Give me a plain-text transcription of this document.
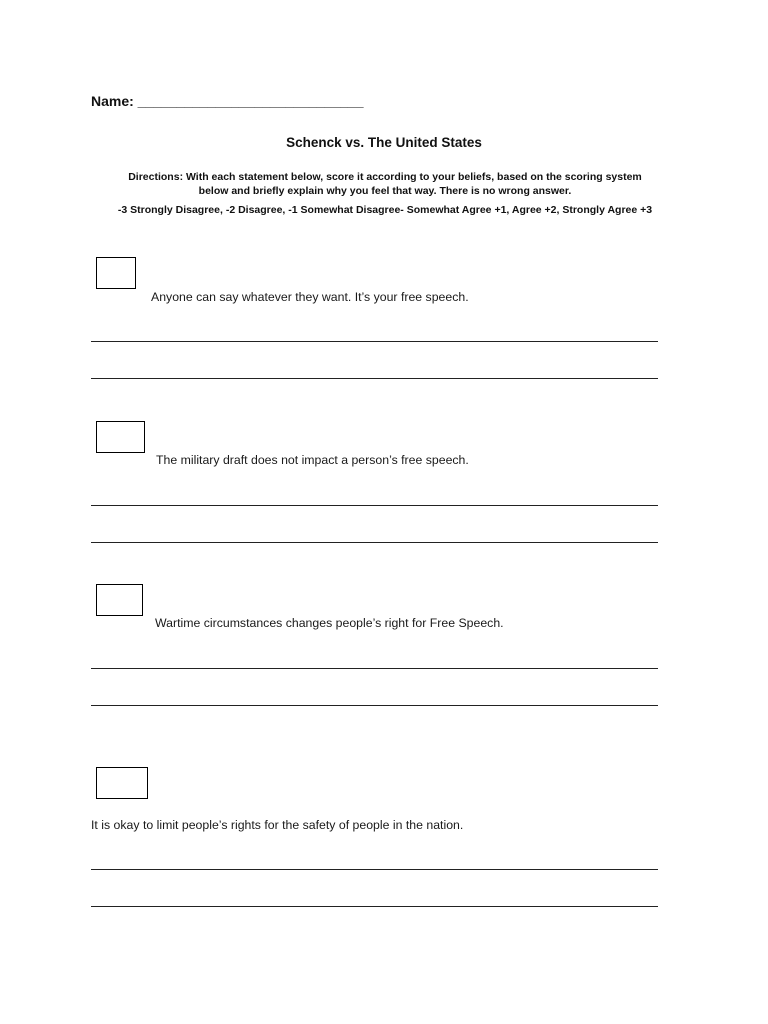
Name: _____________________________
Schenck vs. The United States
Directions: With each statement below, score it according to your beliefs, based on the scoring system
below and briefly explain why you feel that way. There is no wrong answer.
-3 Strongly Disagree, -2 Disagree, -1 Somewhat Disagree- Somewhat Agree +1, Agree +2, Strongly Agree +3
Anyone can say whatever they want. It’s your free speech.
The military draft does not impact a person’s free speech.
Wartime circumstances changes people’s right for Free Speech.
It is okay to limit people’s rights for the safety of people in the nation.
